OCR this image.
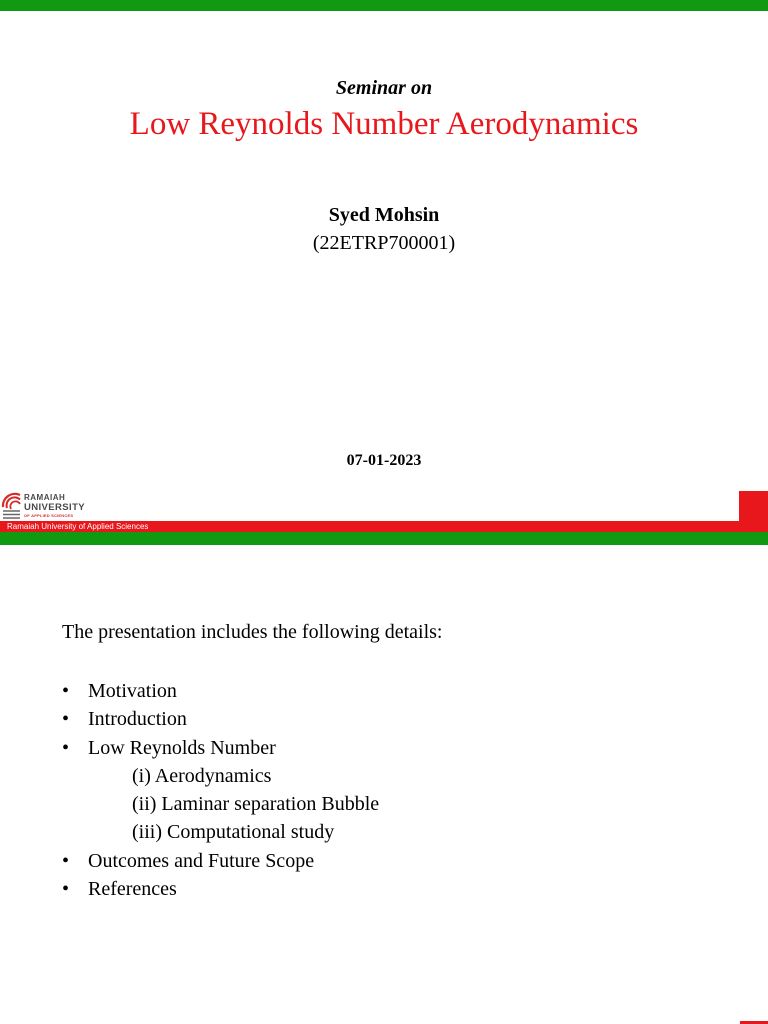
Seminar on
Low Reynolds Number Aerodynamics
Syed Mohsin
(22ETRP700001)
07-01-2023
RAMAIAH
UNIVERSITY
OF APPLIED SCIENCES
Ramaiah University of Applied Sciences
The presentation includes the following details:
• Motivation
• Introduction
• Low Reynolds Number
(i) Aerodynamics
(ii) Laminar separation Bubble
(iii) Computational study
• Outcomes and Future Scope
• References
